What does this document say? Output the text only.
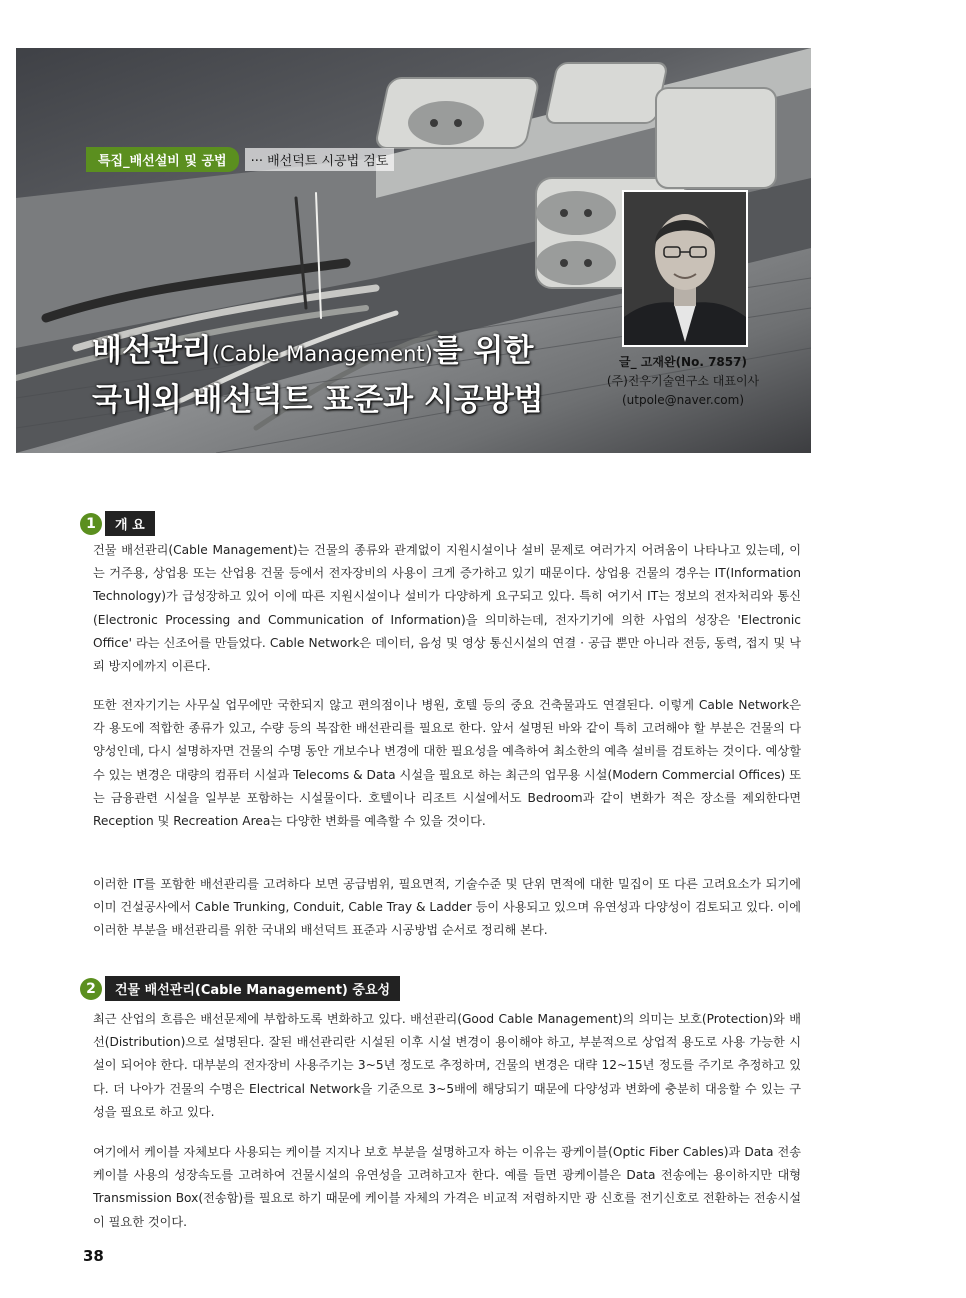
특집_배선설비 및 공법	··· 배선덕트 시공법 검토
배선관리(Cable Management)를 위한
국내외 배선덕트 표준과 시공방법
글_ 고재완(No. 7857)
(주)진우기술연구소 대표이사
(utpole@naver.com)
1	개 요

건물 배선관리(Cable Management)는 건물의 종류와 관계없이 지원시설이나 설비 문제로 여러가지 어려움이 나타나고 있는데, 이는 거주용, 상업용 또는 산업용 건물 등에서 전자장비의 사용이 크게 증가하고 있기 때문이다. 상업용 건물의 경우는 IT(Information Technology)가 급성장하고 있어 이에 따른 지원시설이나 설비가 다양하게 요구되고 있다. 특히 여기서 IT는 정보의 전자처리와 통신(Electronic Processing and Communication of Information)을 의미하는데, 전자기기에 의한 사업의 성장은 'Electronic Office' 라는 신조어를 만들었다. Cable Network은 데이터, 음성 및 영상 통신시설의 연결 · 공급 뿐만 아니라 전등, 동력, 접지 및 낙뢰 방지에까지 이른다.

또한 전자기기는 사무실 업무에만 국한되지 않고 편의점이나 병원, 호텔 등의 중요 건축물과도 연결된다. 이렇게 Cable Network은 각 용도에 적합한 종류가 있고, 수량 등의 복잡한 배선관리를 필요로 한다. 앞서 설명된 바와 같이 특히 고려해야 할 부분은 건물의 다양성인데, 다시 설명하자면 건물의 수명 동안 개보수나 변경에 대한 필요성을 예측하여 최소한의 예측 설비를 검토하는 것이다. 예상할 수 있는 변경은 대량의 컴퓨터 시설과 Telecoms & Data 시설을 필요로 하는 최근의 업무용 시설(Modern Commercial Offices) 또는 금융관련 시설을 일부분 포함하는 시설물이다. 호텔이나 리조트 시설에서도 Bedroom과 같이 변화가 적은 장소를 제외한다면 Reception 및 Recreation Area는 다양한 변화를 예측할 수 있을 것이다.

이러한 IT를 포함한 배선관리를 고려하다 보면 공급범위, 필요면적, 기술수준 및 단위 면적에 대한 밀집이 또 다른 고려요소가 되기에 이미 건설공사에서 Cable Trunking, Conduit, Cable Tray & Ladder 등이 사용되고 있으며 유연성과 다양성이 검토되고 있다. 이에 이러한 부분을 배선관리를 위한 국내외 배선덕트 표준과 시공방법 순서로 정리해 본다.

2	건물 배선관리(Cable Management) 중요성

최근 산업의 흐름은 배선문제에 부합하도록 변화하고 있다. 배선관리(Good Cable Management)의 의미는 보호(Protection)와 배선(Distribution)으로 설명된다. 잘된 배선관리란 시설된 이후 시설 변경이 용이해야 하고, 부분적으로 상업적 용도로 사용 가능한 시설이 되어야 한다. 대부분의 전자장비 사용주기는 3~5년 정도로 추정하며, 건물의 변경은 대략 12~15년 정도를 주기로 추정하고 있다. 더 나아가 건물의 수명은 Electrical Network을 기준으로 3~5배에 해당되기 때문에 다양성과 변화에 충분히 대응할 수 있는 구성을 필요로 하고 있다.

여기에서 케이블 자체보다 사용되는 케이블 지지나 보호 부분을 설명하고자 하는 이유는 광케이블(Optic Fiber Cables)과 Data 전송 케이블 사용의 성장속도를 고려하여 건물시설의 유연성을 고려하고자 한다. 예를 들면 광케이블은 Data 전송에는 용이하지만 대형 Transmission Box(전송함)를 필요로 하기 때문에 케이블 자체의 가격은 비교적 저렴하지만 광 신호를 전기신호로 전환하는 전송시설이 필요한 것이다.

38
